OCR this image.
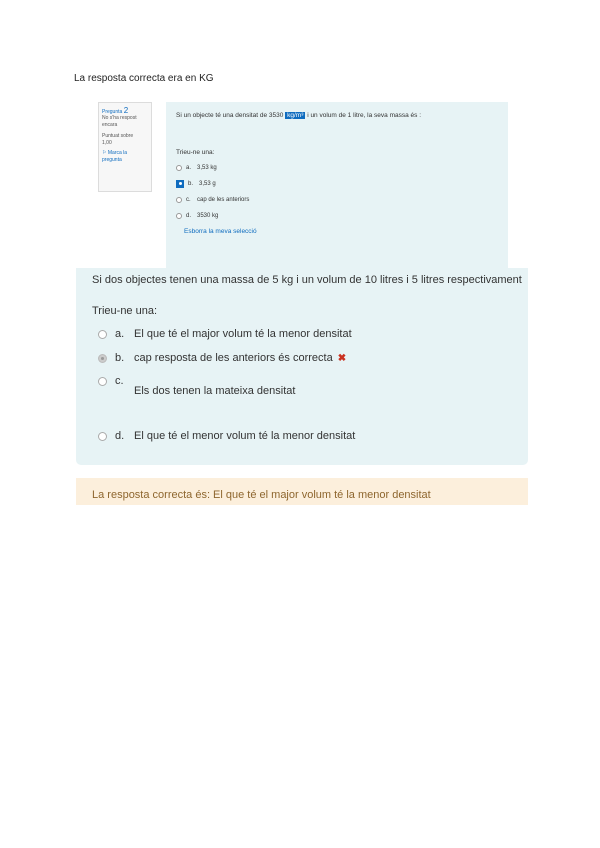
La resposta correcta era en KG
Pregunta 2
No s'ha respost encara
Puntuat sobre
1,00
⚐ Marca la pregunta
Si un objecte té una densitat de 3530 kg/m³ i un volum de 1 litre, la seva massa és :
Trieu-ne una:
a. 3,53 kg
b. 3,53 g
c.	cap de les anteriors
d. 3530 kg
Esborra la meva selecció
Si dos objectes tenen una massa de 5 kg i un volum de 10 litres i 5 litres respectivament
Trieu-ne una:
a. El que té el major volum té la menor densitat
b. cap resposta de les anteriors és correcta ✖
c.
Els dos tenen la mateixa densitat
d. El que té el menor volum té la menor densitat
La resposta correcta és: El que té el major volum té la menor densitat
